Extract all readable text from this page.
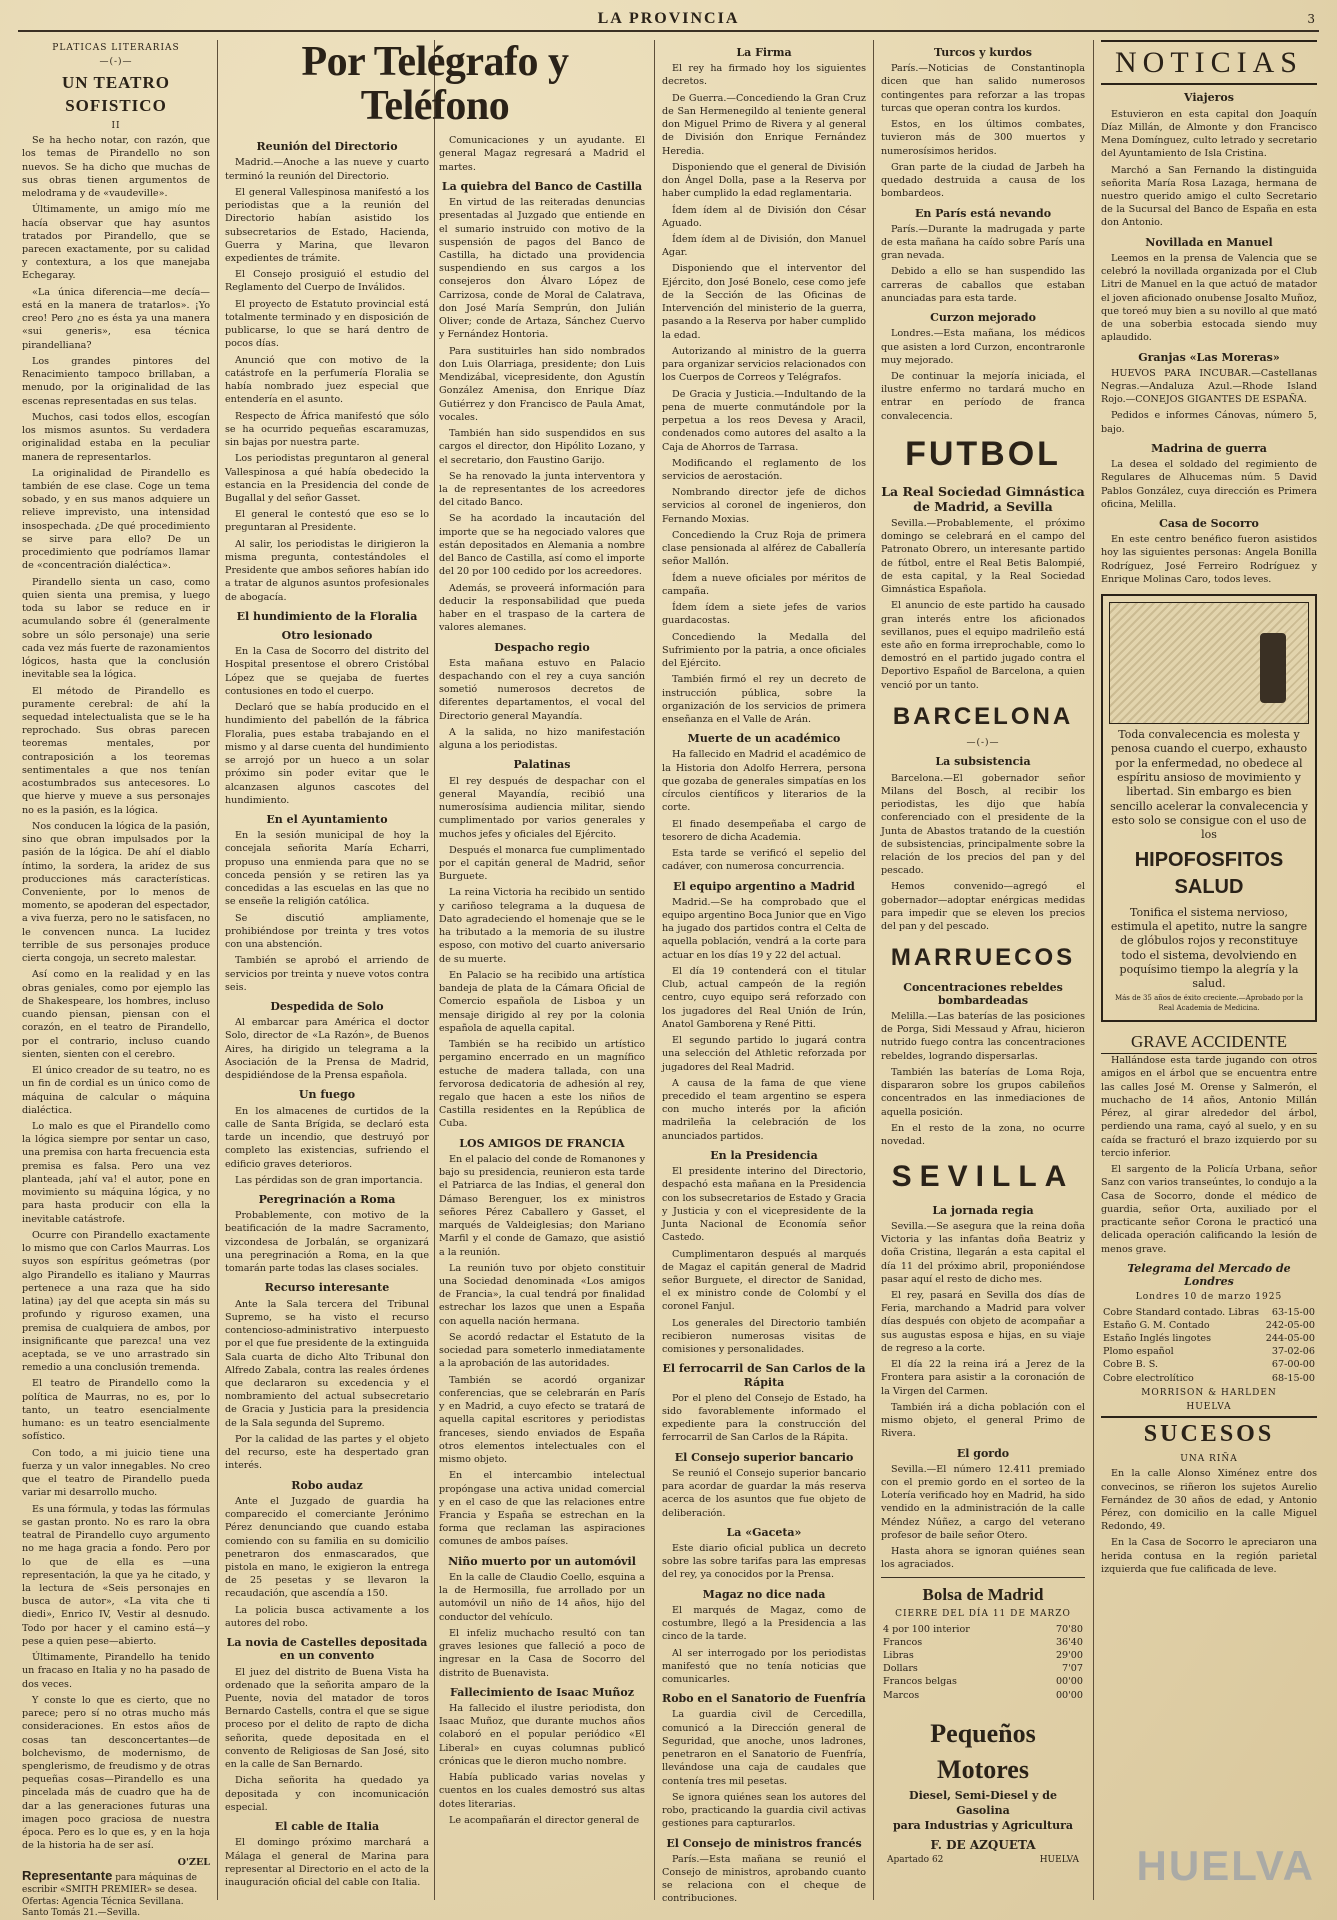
LA PROVINCIA	3
PLATICAS LITERARIAS
—(-)—
UN TEATRO SOFISTICO
II

Se ha hecho notar, con razón, que los temas de Pirandello no son nuevos. Se ha dicho que muchas de sus obras tienen argumentos de melodrama y de «vaudeville».

Últimamente, un amigo mío me hacía observar que hay asuntos tratados por Pirandello, que se parecen exactamente, por su calidad y contextura, a los que manejaba Echegaray.

«La única diferencia—me decía—está en la manera de tratarlos». ¡Yo creo! Pero ¿no es ésta ya una manera «sui generis», esa técnica pirandelliana?

Los grandes pintores del Renacimiento tampoco brillaban, a menudo, por la originalidad de las escenas representadas en sus telas.

Muchos, casi todos ellos, escogían los mismos asuntos. Su verdadera originalidad estaba en la peculiar manera de representarlos.

La originalidad de Pirandello es también de ese clase. Coge un tema sobado, y en sus manos adquiere un relieve imprevisto, una intensidad insospechada. ¿De qué procedimiento se sirve para ello? De un procedimiento que podríamos llamar de «concentración dialéctica».

Pirandello sienta un caso, como quien sienta una premisa, y luego toda su labor se reduce en ir acumulando sobre él (generalmente sobre un sólo personaje) una serie cada vez más fuerte de razonamientos lógicos, hasta que la conclusión inevitable sea la lógica.

El método de Pirandello es puramente cerebral: de ahí la sequedad intelectualista que se le ha reprochado. Sus obras parecen teoremas mentales, por contraposición a los teoremas sentimentales a que nos tenían acostumbrados sus antecesores. Lo que hierve y mueve a sus personajes no es la pasión, es la lógica.

Nos conducen la lógica de la pasión, sino que obran impulsados por la pasión de la lógica. De ahí el diablo íntimo, la sordera, la aridez de sus producciones más características. Conveniente, por lo menos de momento, se apoderan del espectador, a viva fuerza, pero no le satisfacen, no le convencen nunca. La lucidez terrible de sus personajes produce cierta congoja, un secreto malestar.

Así como en la realidad y en las obras geniales, como por ejemplo las de Shakespeare, los hombres, incluso cuando piensan, piensan con el corazón, en el teatro de Pirandello, por el contrario, incluso cuando sienten, sienten con el cerebro.

El único creador de su teatro, no es un fin de cordial es un único como de máquina de calcular o máquina dialéctica.

Lo malo es que el Pirandello como la lógica siempre por sentar un caso, una premisa con harta frecuencia esta premisa es falsa. Pero una vez planteada, ¡ahí va! el autor, pone en movimiento su máquina lógica, y no para hasta producir con ella la inevitable catástrofe.

Ocurre con Pirandello exactamente lo mismo que con Carlos Maurras. Los suyos son espíritus geómetras (por algo Pirandello es italiano y Maurras pertenece a una raza que ha sido latina) ¡ay del que acepta sin más su profundo y riguroso examen, una premisa de cualquiera de ambos, por insignificante que parezca! una vez aceptada, se ve uno arrastrado sin remedio a una conclusión tremenda.

El teatro de Pirandello como la política de Maurras, no es, por lo tanto, un teatro esencialmente humano: es un teatro esencialmente sofístico.

Con todo, a mi juicio tiene una fuerza y un valor innegables. No creo que el teatro de Pirandello pueda variar mi desarrollo mucho.

Es una fórmula, y todas las fórmulas se gastan pronto. No es raro la obra teatral de Pirandello cuyo argumento no me haga gracia a fondo. Pero por lo que de ella es —una representación, la que ya he citado, y la lectura de «Seis personajes en busca de autor», «La vita che ti diedi», Enrico IV, Vestir al desnudo. Todo por hacer y el camino está—y pese a quien pese—abierto.

Últimamente, Pirandello ha tenido un fracaso en Italia y no ha pasado de dos veces.

Y conste lo que es cierto, que no parece; pero sí no otras mucho más consideraciones. En estos años de cosas tan desconcertantes—de bolchevismo, de modernismo, de spenglerismo, de freudismo y de otras pequeñas cosas—Pirandello es una pincelada más de cuadro que ha de dar a las generaciones futuras una imagen poco graciosa de nuestra época. Pero es lo que es, y en la hoja de la historia ha de ser así.

O'ZEL
Representante para máquinas de escribir «SMITH PREMIER» se desea. Ofertas: Agencia Técnica Sevillana. Santo Tomás 21.—Sevilla.
Por Telégrafo y Teléfono
Reunión del Directorio

Madrid.—Anoche a las nueve y cuarto terminó la reunión del Directorio.

El general Vallespinosa manifestó a los periodistas que a la reunión del Directorio habían asistido los subsecretarios de Estado, Hacienda, Guerra y Marina, que llevaron expedientes de trámite.

El Consejo prosiguió el estudio del Reglamento del Cuerpo de Inválidos.

El proyecto de Estatuto provincial está totalmente terminado y en disposición de publicarse, lo que se hará dentro de pocos días.

Anunció que con motivo de la catástrofe en la perfumería Floralia se había nombrado juez especial que entendería en el asunto.

Respecto de África manifestó que sólo se ha ocurrido pequeñas escaramuzas, sin bajas por nuestra parte.

Los periodistas preguntaron al general Vallespinosa a qué había obedecido la estancia en la Presidencia del conde de Bugallal y del señor Gasset.

El general le contestó que eso se lo preguntaran al Presidente.

Al salir, los periodistas le dirigieron la misma pregunta, contestándoles el Presidente que ambos señores habían ido a tratar de algunos asuntos profesionales de abogacía.

El hundimiento de la Floralia
Otro lesionado

En la Casa de Socorro del distrito del Hospital presentose el obrero Cristóbal López que se quejaba de fuertes contusiones en todo el cuerpo.

Declaró que se había producido en el hundimiento del pabellón de la fábrica Floralia, pues estaba trabajando en el mismo y al darse cuenta del hundimiento se arrojó por un hueco a un solar próximo sin poder evitar que le alcanzasen algunos cascotes del hundimiento.

En el Ayuntamiento

En la sesión municipal de hoy la concejala señorita María Echarri, propuso una enmienda para que no se conceda pensión y se retiren las ya concedidas a las escuelas en las que no se enseñe la religión católica.

Se discutió ampliamente, prohibiéndose por treinta y tres votos con una abstención.

También se aprobó el arriendo de servicios por treinta y nueve votos contra seis.

Despedida de Solo

Al embarcar para América el doctor Solo, director de «La Razón», de Buenos Aires, ha dirigido un telegrama a la Asociación de la Prensa de Madrid, despidiéndose de la Prensa española.

Un fuego

En los almacenes de curtidos de la calle de Santa Brígida, se declaró esta tarde un incendio, que destruyó por completo las existencias, sufriendo el edificio graves deterioros.

Las pérdidas son de gran importancia.

Peregrinación a Roma

Probablemente, con motivo de la beatificación de la madre Sacramento, vizcondesa de Jorbalán, se organizará una peregrinación a Roma, en la que tomarán parte todas las clases sociales.

Recurso interesante

Ante la Sala tercera del Tribunal Supremo, se ha visto el recurso contencioso-administrativo interpuesto por el que fue presidente de la extinguida Sala cuarta de dicho Alto Tribunal don Alfredo Zabala, contra las reales órdenes que declararon su excedencia y el nombramiento del actual subsecretario de Gracia y Justicia para la presidencia de la Sala segunda del Supremo.

Por la calidad de las partes y el objeto del recurso, este ha despertado gran interés.

Robo audaz

Ante el Juzgado de guardia ha comparecido el comerciante Jerónimo Pérez denunciando que cuando estaba comiendo con su familia en su domicilio penetraron dos enmascarados, que pistola en mano, le exigieron la entrega de 25 pesetas y se llevaron la recaudación, que ascendía a 150.

La policia busca activamente a los autores del robo.

La novia de Castelles depositada en un convento

El juez del distrito de Buena Vista ha ordenado que la señorita amparo de la Puente, novia del matador de toros Bernardo Castells, contra el que se sigue proceso por el delito de rapto de dicha señorita, quede depositada en el convento de Religiosas de San José, sito en la calle de San Bernardo.

Dicha señorita ha quedado ya depositada y con incomunicación especial.

El cable de Italia

El domingo próximo marchará a Málaga el general de Marina para representar al Directorio en el acto de la inauguración oficial del cable con Italia.

Comunicaciones y un ayudante. El general Magaz regresará a Madrid el martes.

La quiebra del Banco de Castilla

En virtud de las reiteradas denuncias presentadas al Juzgado que entiende en el sumario instruido con motivo de la suspensión de pagos del Banco de Castilla, ha dictado una providencia suspendiendo en sus cargos a los consejeros don Álvaro López de Carrizosa, conde de Moral de Calatrava, don José María Semprún, don Julián Oliver; conde de Artaza, Sánchez Cuervo y Fernández Hontoria.

Para sustituirles han sido nombrados don Luis Olarriaga, presidente; don Luis Mendizábal, vicepresidente, don Agustín González Amenisa, don Enrique Díaz Gutiérrez y don Francisco de Paula Amat, vocales.

También han sido suspendidos en sus cargos el director, don Hipólito Lozano, y el secretario, don Faustino Garijo.

Se ha renovado la junta interventora y la de representantes de los acreedores del citado Banco.

Se ha acordado la incautación del importe que se ha negociado valores que están depositados en Alemania a nombre del Banco de Castilla, así como el importe del 20 por 100 cedido por los acreedores.

Además, se proveerá información para deducir la responsabilidad que pueda haber en el traspaso de la cartera de valores alemanes.

Despacho regio

Esta mañana estuvo en Palacio despachando con el rey a cuya sanción sometió numerosos decretos de diferentes departamentos, el vocal del Directorio general Mayandía.

A la salida, no hizo manifestación alguna a los periodistas.

Palatinas

El rey después de despachar con el general Mayandía, recibió una numerosísima audiencia militar, siendo cumplimentado por varios generales y muchos jefes y oficiales del Ejército.

Después el monarca fue cumplimentado por el capitán general de Madrid, señor Burguete.

La reina Victoria ha recibido un sentido y cariñoso telegrama a la duquesa de Dato agradeciendo el homenaje que se le ha tributado a la memoria de su ilustre esposo, con motivo del cuarto aniversario de su muerte.

En Palacio se ha recibido una artística bandeja de plata de la Cámara Oficial de Comercio española de Lisboa y un mensaje dirigido al rey por la colonia española de aquella capital.

También se ha recibido un artístico pergamino encerrado en un magnífico estuche de madera tallada, con una fervorosa dedicatoria de adhesión al rey, regalo que hacen a este los niños de Castilla residentes en la República de Cuba.

LOS AMIGOS DE FRANCIA

En el palacio del conde de Romanones y bajo su presidencia, reunieron esta tarde el Patriarca de las Indias, el general don Dámaso Berenguer, los ex ministros señores Pérez Caballero y Gasset, el marqués de Valdeiglesias; don Mariano Marfil y el conde de Gamazo, que asistió a la reunión.

La reunión tuvo por objeto constituir una Sociedad denominada «Los amigos de Francia», la cual tendrá por finalidad estrechar los lazos que unen a España con aquella nación hermana.

Se acordó redactar el Estatuto de la sociedad para someterlo inmediatamente a la aprobación de las autoridades.

También se acordó organizar conferencias, que se celebrarán en París y en Madrid, a cuyo efecto se tratará de aquella capital escritores y periodistas franceses, siendo enviados de España otros elementos intelectuales con el mismo objeto.

En el intercambio intelectual propóngase una activa unidad comercial y en el caso de que las relaciones entre Francia y España se estrechan en la forma que reclaman las aspiraciones comunes de ambos países.

Niño muerto por un automóvil

En la calle de Claudio Coello, esquina a la de Hermosilla, fue arrollado por un automóvil un niño de 14 años, hijo del conductor del vehículo.

El infeliz muchacho resultó con tan graves lesiones que falleció a poco de ingresar en la Casa de Socorro del distrito de Buenavista.

Fallecimiento de Isaac Muñoz

Ha fallecido el ilustre periodista, don Isaac Muñoz, que durante muchos años colaboró en el popular periódico «El Liberal» en cuyas columnas publicó crónicas que le dieron mucho nombre.

Había publicado varias novelas y cuentos en los cuales demostró sus altas dotes literarias.

Le acompañarán el director general de

La Firma

El rey ha firmado hoy los siguientes decretos.

De Guerra.—Concediendo la Gran Cruz de San Hermenegildo al teniente general don Miguel Primo de Rivera y al general de División don Enrique Fernández Heredia.

Disponiendo que el general de División don Ángel Dolla, pase a la Reserva por haber cumplido la edad reglamentaria.

Ídem ídem al de División don César Aguado.

Ídem ídem al de División, don Manuel Agar.

Disponiendo que el interventor del Ejército, don José Bonelo, cese como jefe de la Sección de las Oficinas de Intervención del ministerio de la guerra, pasando a la Reserva por haber cumplido la edad.

Autorizando al ministro de la guerra para organizar servicios relacionados con los Cuerpos de Correos y Telégrafos.

De Gracia y Justicia.—Indultando de la pena de muerte conmutándole por la perpetua a los reos Devesa y Aracil, condenados como autores del asalto a la Caja de Ahorros de Tarrasa.

Modificando el reglamento de los servicios de aerostación.

Nombrando director jefe de dichos servicios al coronel de ingenieros, don Fernando Moxias.

Concediendo la Cruz Roja de primera clase pensionada al alférez de Caballería señor Mallón.

Ídem a nueve oficiales por méritos de campaña.

Ídem ídem a siete jefes de varios guardacostas.

Concediendo la Medalla del Sufrimiento por la patria, a once oficiales del Ejército.

También firmó el rey un decreto de instrucción pública, sobre la organización de los servicios de primera enseñanza en el Valle de Arán.

Muerte de un académico

Ha fallecido en Madrid el académico de la Historia don Adolfo Herrera, persona que gozaba de generales simpatías en los círculos científicos y literarios de la corte.

El finado desempeñaba el cargo de tesorero de dicha Academia.

Esta tarde se verificó el sepelio del cadáver, con numerosa concurrencia.

El equipo argentino a Madrid

Madrid.—Se ha comprobado que el equipo argentino Boca Junior que en Vigo ha jugado dos partidos contra el Celta de aquella población, vendrá a la corte para actuar en los días 19 y 22 del actual.

El día 19 contenderá con el titular Club, actual campeón de la región centro, cuyo equipo será reforzado con los jugadores del Real Unión de Irún, Anatol Gamborena y René Pitti.

El segundo partido lo jugará contra una selección del Athletic reforzada por jugadores del Real Madrid.

A causa de la fama de que viene precedido el team argentino se espera con mucho interés por la afición madrileña la celebración de los anunciados partidos.

En la Presidencia

El presidente interino del Directorio, despachó esta mañana en la Presidencia con los subsecretarios de Estado y Gracia y Justicia y con el vicepresidente de la Junta Nacional de Economía señor Castedo.

Cumplimentaron después al marqués de Magaz el capitán general de Madrid señor Burguete, el director de Sanidad, el ex ministro conde de Colombí y el coronel Fanjul.

Los generales del Directorio también recibieron numerosas visitas de comisiones y personalidades.

El ferrocarril de San Carlos de la Rápita

Por el pleno del Consejo de Estado, ha sido favorablemente informado el expediente para la construcción del ferrocarril de San Carlos de la Rápita.

El Consejo superior bancario

Se reunió el Consejo superior bancario para acordar de guardar la más reserva acerca de los asuntos que fue objeto de deliberación.

La «Gaceta»

Este diario oficial publica un decreto sobre las sobre tarifas para las empresas del rey, ya conocidos por la Prensa.

Magaz no dice nada

El marqués de Magaz, como de costumbre, llegó a la Presidencia a las cinco de la tarde.

Al ser interrogado por los periodistas manifestó que no tenía noticias que comunicarles.

Robo en el Sanatorio de Fuenfría

La guardia civil de Cercedilla, comunicó a la Dirección general de Seguridad, que anoche, unos ladrones, penetraron en el Sanatorio de Fuenfría, llevándose una caja de caudales que contenía tres mil pesetas.

Se ignora quiénes sean los autores del robo, practicando la guardia civil activas gestiones para capturarlos.

El Consejo de ministros francés

París.—Esta mañana se reunió el Consejo de ministros, aprobando cuanto se relaciona con el cheque de contribuciones.

Turcos y kurdos

París.—Noticias de Constantinopla dicen que han salido numerosos contingentes para reforzar a las tropas turcas que operan contra los kurdos.

Estos, en los últimos combates, tuvieron más de 300 muertos y numerosísimos heridos.

Gran parte de la ciudad de Jarbeh ha quedado destruida a causa de los bombardeos.

En París está nevando

París.—Durante la madrugada y parte de esta mañana ha caído sobre París una gran nevada.

Debido a ello se han suspendido las carreras de caballos que estaban anunciadas para esta tarde.

Curzon mejorado

Londres.—Esta mañana, los médicos que asisten a lord Curzon, encontraronle muy mejorado.

De continuar la mejoría iniciada, el ilustre enfermo no tardará mucho en entrar en período de franca convalecencia.

FUTBOL
La Real Sociedad Gimnástica de Madrid, a Sevilla

Sevilla.—Probablemente, el próximo domingo se celebrará en el campo del Patronato Obrero, un interesante partido de fútbol, entre el Real Betis Balompié, de esta capital, y la Real Sociedad Gimnástica Española.

El anuncio de este partido ha causado gran interés entre los aficionados sevillanos, pues el equipo madrileño está este año en forma irreprochable, como lo demostró en el partido jugado contra el Deportivo Español de Barcelona, a quien venció por un tanto.

BARCELONA
—(-)—
La subsistencia

Barcelona.—El gobernador señor Milans del Bosch, al recibir los periodistas, les dijo que había conferenciado con el presidente de la Junta de Abastos tratando de la cuestión de subsistencias, principalmente sobre la relación de los precios del pan y del pescado.

Hemos convenido—agregó el gobernador—adoptar enérgicas medidas para impedir que se eleven los precios del pan y del pescado.

MARRUECOS
Concentraciones rebeldes bombardeadas

Melilla.—Las baterías de las posiciones de Porga, Sidi Messaud y Afrau, hicieron nutrido fuego contra las concentraciones rebeldes, logrando dispersarlas.

También las baterías de Loma Roja, dispararon sobre los grupos cabileños concentrados en las inmediaciones de aquella posición.

En el resto de la zona, no ocurre novedad.

SEVILLA
La jornada regia

Sevilla.—Se asegura que la reina doña Victoria y las infantas doña Beatriz y doña Cristina, llegarán a esta capital el día 11 del próximo abril, proponiéndose pasar aquí el resto de dicho mes.

El rey, pasará en Sevilla dos días de Feria, marchando a Madrid para volver días después con objeto de acompañar a sus augustas esposa e hijas, en su viaje de regreso a la corte.

El día 22 la reina irá a Jerez de la Frontera para asistir a la coronación de la Virgen del Carmen.

También irá a dicha población con el mismo objeto, el general Primo de Rivera.

El gordo

Sevilla.—El número 12.411 premiado con el premio gordo en el sorteo de la Lotería verificado hoy en Madrid, ha sido vendido en la administración de la calle Méndez Núñez, a cargo del veterano profesor de baile señor Otero.

Hasta ahora se ignoran quiénes sean los agraciados.

Bolsa de Madrid
CIERRE DEL DÍA 11 DE MARZO
4 por 100 interior	70'80
Francos	36'40
Libras	29'00
Dollars	7'07
Francos belgas	00'00
Marcos	00'00
Pequeños Motores
Diesel, Semi-Diesel y de Gasolina
para Industrias y Agricultura
F. DE AZQUETA
Apartado 62	HUELVA
NOTICIAS
Viajeros

Estuvieron en esta capital don Joaquín Díaz Millán, de Almonte y don Francisco Mena Domínguez, culto letrado y secretario del Ayuntamiento de Isla Cristina.

Marchó a San Fernando la distinguida señorita María Rosa Lazaga, hermana de nuestro querido amigo el culto Secretario de la Sucursal del Banco de España en esta don Antonio.

Novillada en Manuel

Leemos en la prensa de Valencia que se celebró la novillada organizada por el Club Litri de Manuel en la que actuó de matador el joven aficionado onubense Josalto Muñoz, que toreó muy bien a su novillo al que mató de una soberbia estocada siendo muy aplaudido.

Granjas «Las Moreras»

HUEVOS PARA INCUBAR.—Castellanas Negras.—Andaluza Azul.—Rhode Island Rojo.—CONEJOS GIGANTES DE ESPAÑA.

Pedidos e informes Cánovas, número 5, bajo.

Madrina de guerra

La desea el soldado del regimiento de Regulares de Alhucemas núm. 5 David Pablos González, cuya dirección es Primera oficina, Melilla.

Casa de Socorro

En este centro benéfico fueron asistidos hoy las siguientes personas: Angela Bonilla Rodríguez, José Ferreiro Rodríguez y Enrique Molinas Caro, todos leves.

Toda convalecencia es molesta y penosa cuando el cuerpo, exhausto por la enfermedad, no obedece al espíritu ansioso de movimiento y libertad. Sin embargo es bien sencillo acelerar la convalecencia y esto solo se consigue con el uso de los
HIPOFOSFITOS SALUD
Tonifica el sistema nervioso, estimula el apetito, nutre la sangre de glóbulos rojos y reconstituye todo el sistema, devolviendo en poquísimo tiempo la alegría y la salud.
Más de 35 años de éxito creciente.—Aprobado por la Real Academia de Medicina.
GRAVE ACCIDENTE

Hallándose esta tarde jugando con otros amigos en el árbol que se encuentra entre las calles José M. Orense y Salmerón, el muchacho de 14 años, Antonio Millán Pérez, al girar alrededor del árbol, perdiendo una rama, cayó al suelo, y en su caída se fracturó el brazo izquierdo por su tercio inferior.

El sargento de la Policía Urbana, señor Sanz con varios transeúntes, lo condujo a la Casa de Socorro, donde el médico de guardia, señor Orta, auxiliado por el practicante señor Corona le practicó una delicada operación calificando la lesión de menos grave.

Telegrama del Mercado de Londres
Londres 10 de marzo 1925
Cobre Standard contado. Libras	63-15-00
Estaño G. M. Contado	242-05-00
Estaño Inglés lingotes	244-05-00
Plomo español	37-02-06
Cobre B. S.	67-00-00
Cobre electrolítico	68-15-00
MORRISON & HARLDEN
HUELVA
SUCESOS
UNA RIÑA

En la calle Alonso Ximénez entre dos convecinos, se riñeron los sujetos Aurelio Fernández de 30 años de edad, y Antonio Pérez, con domicilio en la calle Miguel Redondo, 49.

En la Casa de Socorro le apreciaron una herida contusa en la región parietal izquierda que fue calificada de leve.

HUELVA
